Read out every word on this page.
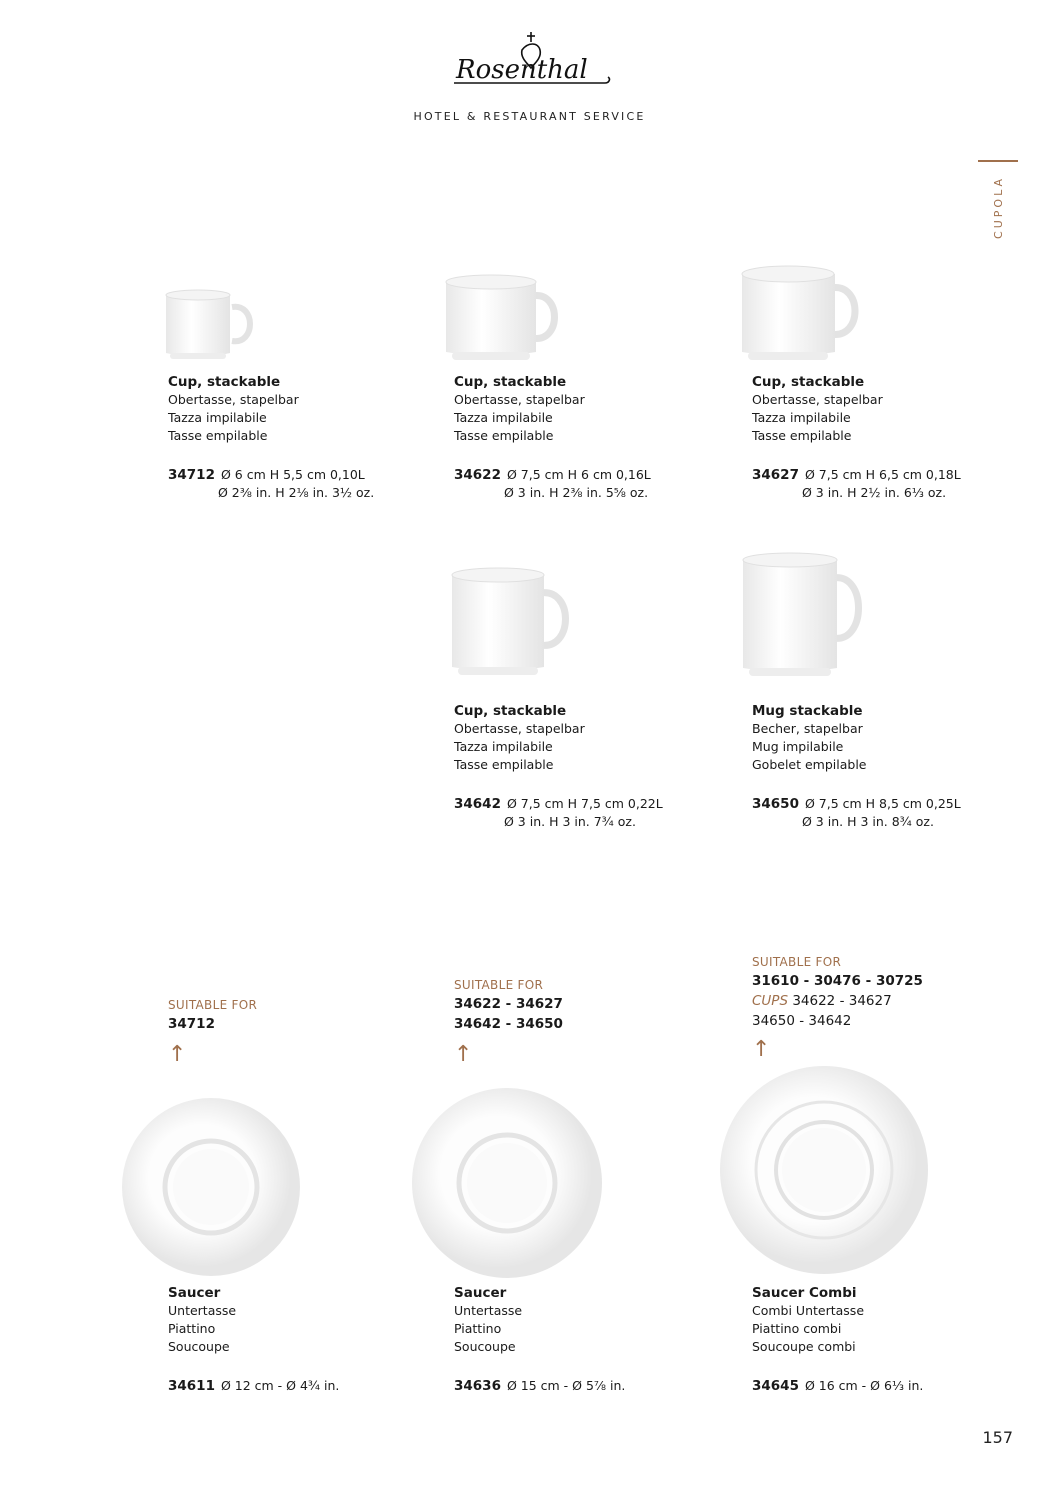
Rosenthal
HOTEL & RESTAURANT SERVICE
CUPOLA
Cup, stackable
Obertasse, stapelbar
Tazza impilabile
Tasse empilable
34712 Ø 6 cm H 5,5 cm 0,10L
Ø 2⅜ in. H 2⅛ in. 3½ oz.
Cup, stackable
Obertasse, stapelbar
Tazza impilabile
Tasse empilable
34622 Ø 7,5 cm H 6 cm 0,16L
Ø 3 in. H 2⅜ in. 5⅝ oz.
Cup, stackable
Obertasse, stapelbar
Tazza impilabile
Tasse empilable
34627 Ø 7,5 cm H 6,5 cm 0,18L
Ø 3 in. H 2½ in. 6⅓ oz.
Cup, stackable
Obertasse, stapelbar
Tazza impilabile
Tasse empilable
34642 Ø 7,5 cm H 7,5 cm 0,22L
Ø 3 in. H 3 in. 7¾ oz.
Mug stackable
Becher, stapelbar
Mug impilabile
Gobelet empilable
34650 Ø 7,5 cm H 8,5 cm 0,25L
Ø 3 in. H 3 in. 8¾ oz.
SUITABLE FOR
34712
↑
SUITABLE FOR
34622 - 34627
34642 - 34650
↑
SUITABLE FOR
31610 - 30476 - 30725
CUPS 34622 - 34627
34650 - 34642
↑
Saucer
Untertasse
Piattino
Soucoupe
34611 Ø 12 cm - Ø 4¾ in.
Saucer
Untertasse
Piattino
Soucoupe
34636 Ø 15 cm - Ø 5⅞ in.
Saucer Combi
Combi Untertasse
Piattino combi
Soucoupe combi
34645 Ø 16 cm - Ø 6⅓ in.
157
